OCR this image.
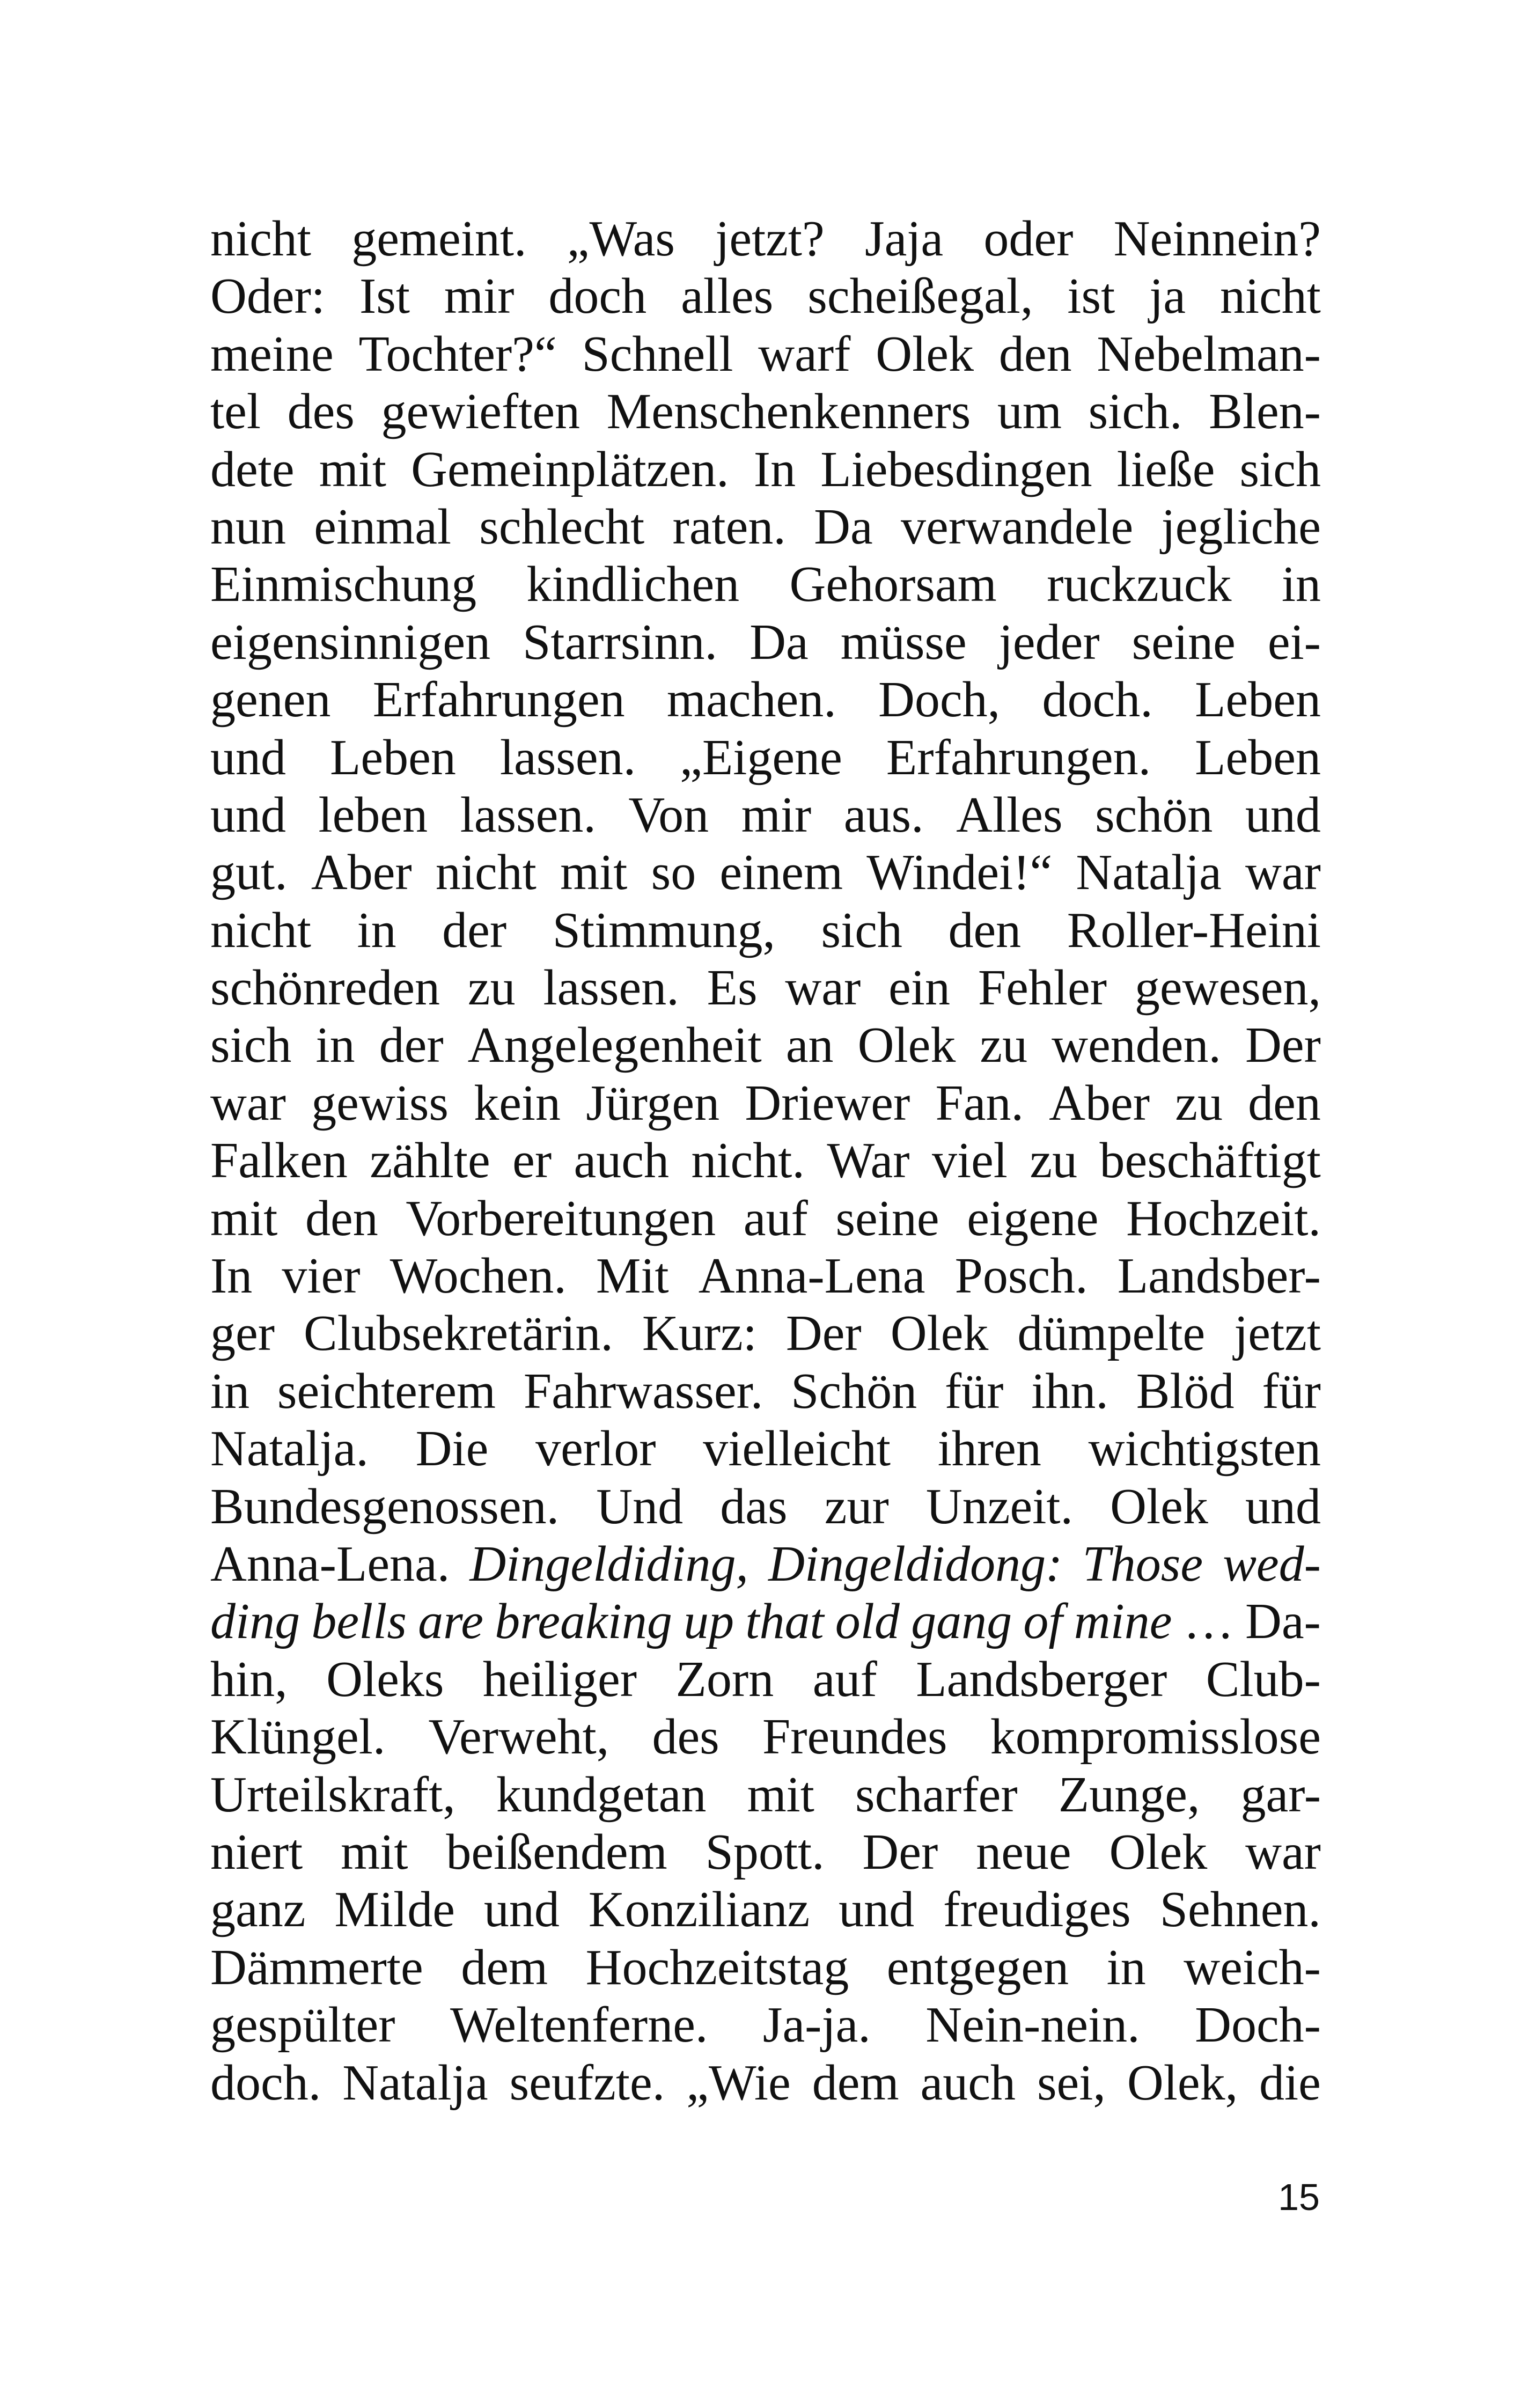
nicht gemeint. „Was jetzt? Jaja oder Neinnein?
Oder: Ist mir doch alles scheißegal, ist ja nicht
meine Tochter?“ Schnell warf Olek den Nebelman-
tel des gewieften Menschenkenners um sich. Blen-
dete mit Gemeinplätzen. In Liebesdingen ließe sich
nun einmal schlecht raten. Da verwandele jegliche
Einmischung kindlichen Gehorsam ruckzuck in
eigensinnigen Starrsinn. Da müsse jeder seine ei-
genen Erfahrungen machen. Doch, doch. Leben
und Leben lassen. „Eigene Erfahrungen. Leben
und leben lassen. Von mir aus. Alles schön und
gut. Aber nicht mit so einem Windei!“ Natalja war
nicht in der Stimmung, sich den Roller-Heini
schönreden zu lassen. Es war ein Fehler gewesen,
sich in der Angelegenheit an Olek zu wenden. Der
war gewiss kein Jürgen Driewer Fan. Aber zu den
Falken zählte er auch nicht. War viel zu beschäftigt
mit den Vorbereitungen auf seine eigene Hochzeit.
In vier Wochen. Mit Anna-Lena Posch. Landsber-
ger Clubsekretärin. Kurz: Der Olek dümpelte jetzt
in seichterem Fahrwasser. Schön für ihn. Blöd für
Natalja. Die verlor vielleicht ihren wichtigsten
Bundesgenossen. Und das zur Unzeit. Olek und
Anna-Lena. Dingeldiding, Dingeldidong: Those wed-
ding bells are breaking up that old gang of mine … Da-
hin, Oleks heiliger Zorn auf Landsberger Club-
Klüngel. Verweht, des Freundes kompromisslose
Urteilskraft, kundgetan mit scharfer Zunge, gar-
niert mit beißendem Spott. Der neue Olek war
ganz Milde und Konzilianz und freudiges Sehnen.
Dämmerte dem Hochzeitstag entgegen in weich-
gespülter Weltenferne. Ja-ja. Nein-nein. Doch-
doch. Natalja seufzte. „Wie dem auch sei, Olek, die
15
